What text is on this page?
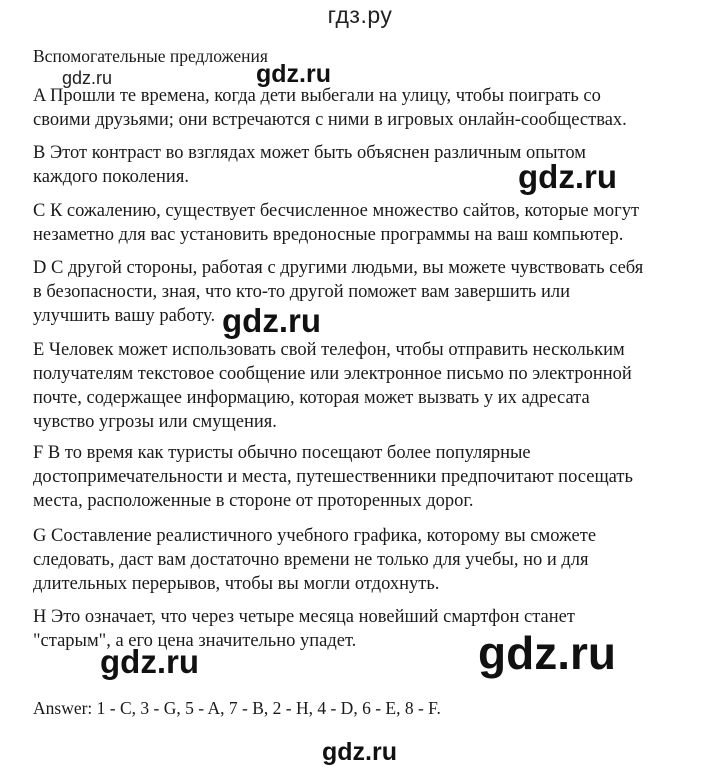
гдз.ру
Вспомогательные предложения
A Прошли те времена, когда дети выбегали на улицу, чтобы поиграть со
своими друзьями; они встречаются с ними в игровых онлайн-сообществах.
B Этот контраст во взглядах может быть объяснен различным опытом
каждого поколения.
C К сожалению, существует бесчисленное множество сайтов, которые могут
незаметно для вас установить вредоносные программы на ваш компьютер.
D С другой стороны, работая с другими людьми, вы можете чувствовать себя
в безопасности, зная, что кто-то другой поможет вам завершить или
улучшить вашу работу.
E Человек может использовать свой телефон, чтобы отправить нескольким
получателям текстовое сообщение или электронное письмо по электронной
почте, содержащее информацию, которая может вызвать у их адресата
чувство угрозы или смущения.
F В то время как туристы обычно посещают более популярные
достопримечательности и места, путешественники предпочитают посещать
места, расположенные в стороне от проторенных дорог.
G Составление реалистичного учебного графика, которому вы сможете
следовать, даст вам достаточно времени не только для учебы, но и для
длительных перерывов, чтобы вы могли отдохнуть.
H Это означает, что через четыре месяца новейший смартфон станет
"старым", а его цена значительно упадет.
Answer: 1 - C, 3 - G, 5 - A, 7 - B, 2 - H, 4 - D, 6 - E, 8 - F.
gdz.ru	gdz.ru
gdz.ru
gdz.ru
gdz.ru	gdz.ru
gdz.ru
